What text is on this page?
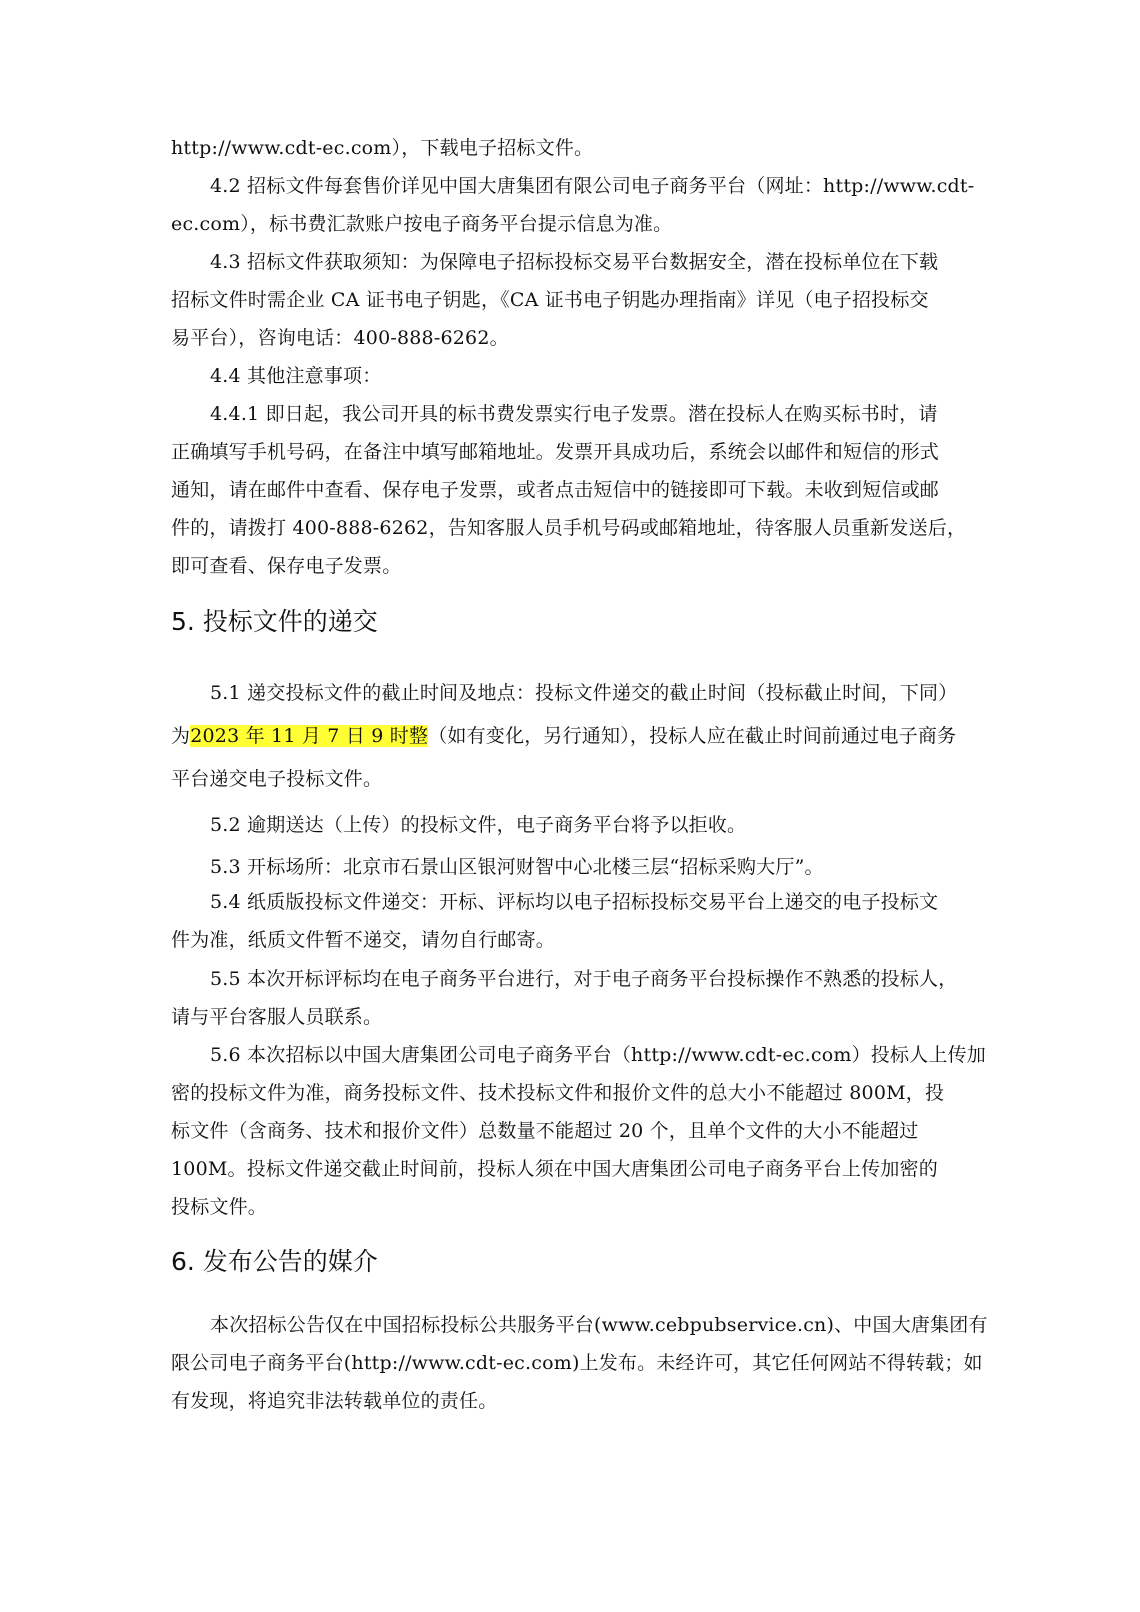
http://www.cdt-ec.com），下载电子招标文件。
4.2 招标文件每套售价详见中国大唐集团有限公司电子商务平台（网址：http://www.cdt-
ec.com），标书费汇款账户按电子商务平台提示信息为准。
4.3 招标文件获取须知：为保障电子招标投标交易平台数据安全，潜在投标单位在下载
招标文件时需企业 CA 证书电子钥匙，《CA 证书电子钥匙办理指南》详见（电子招投标交
易平台），咨询电话：400-888-6262。
4.4 其他注意事项：
4.4.1 即日起，我公司开具的标书费发票实行电子发票。潜在投标人在购买标书时，请
正确填写手机号码，在备注中填写邮箱地址。发票开具成功后，系统会以邮件和短信的形式
通知，请在邮件中查看、保存电子发票，或者点击短信中的链接即可下载。未收到短信或邮
件的，请拨打 400-888-6262，告知客服人员手机号码或邮箱地址，待客服人员重新发送后，
即可查看、保存电子发票。
5. 投标文件的递交
5.1 递交投标文件的截止时间及地点：投标文件递交的截止时间（投标截止时间，下同）
为2023 年 11 月 7 日 9 时整（如有变化，另行通知），投标人应在截止时间前通过电子商务
平台递交电子投标文件。
5.2 逾期送达（上传）的投标文件，电子商务平台将予以拒收。
5.3 开标场所：北京市石景山区银河财智中心北楼三层“招标采购大厅”。
5.4 纸质版投标文件递交：开标、评标均以电子招标投标交易平台上递交的电子投标文
件为准，纸质文件暂不递交，请勿自行邮寄。
5.5 本次开标评标均在电子商务平台进行，对于电子商务平台投标操作不熟悉的投标人，
请与平台客服人员联系。
5.6 本次招标以中国大唐集团公司电子商务平台（http://www.cdt-ec.com）投标人上传加
密的投标文件为准，商务投标文件、技术投标文件和报价文件的总大小不能超过 800M，投
标文件（含商务、技术和报价文件）总数量不能超过 20 个，且单个文件的大小不能超过
100M。投标文件递交截止时间前，投标人须在中国大唐集团公司电子商务平台上传加密的
投标文件。
6. 发布公告的媒介
本次招标公告仅在中国招标投标公共服务平台(www.cebpubservice.cn)、中国大唐集团有
限公司电子商务平台(http://www.cdt-ec.com)上发布。未经许可，其它任何网站不得转载；如
有发现，将追究非法转载单位的责任。
